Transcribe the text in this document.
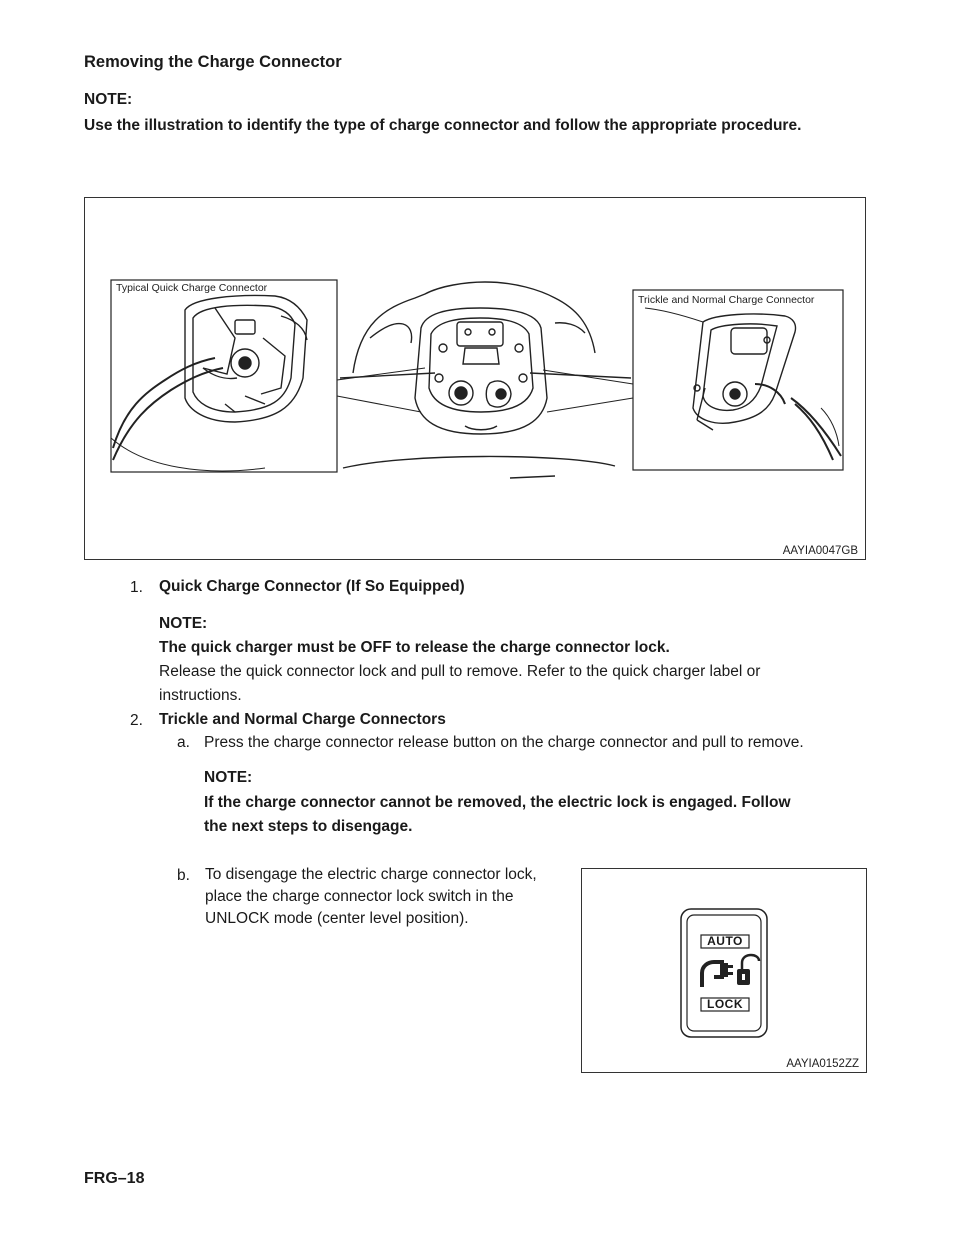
Removing the Charge Connector
NOTE:
Use the illustration to identify the type of charge connector and follow the appropriate procedure.
Typical Quick Charge Connector
Trickle and Normal Charge Connector
AAYIA0047GB
1. Quick Charge Connector (If So Equipped)
NOTE:
The quick charger must be OFF to release the charge connector lock.
Release the quick connector lock and pull to remove. Refer to the quick charger label or
instructions.
2. Trickle and Normal Charge Connectors
a. Press the charge connector release button on the charge connector and pull to remove.
NOTE:
If the charge connector cannot be removed, the electric lock is engaged. Follow
the next steps to disengage.
b. To disengage the electric charge connector lock,
place the charge connector lock switch in the
UNLOCK mode (center level position).
AUTO
LOCK
AAYIA0152ZZ
FRG–18
